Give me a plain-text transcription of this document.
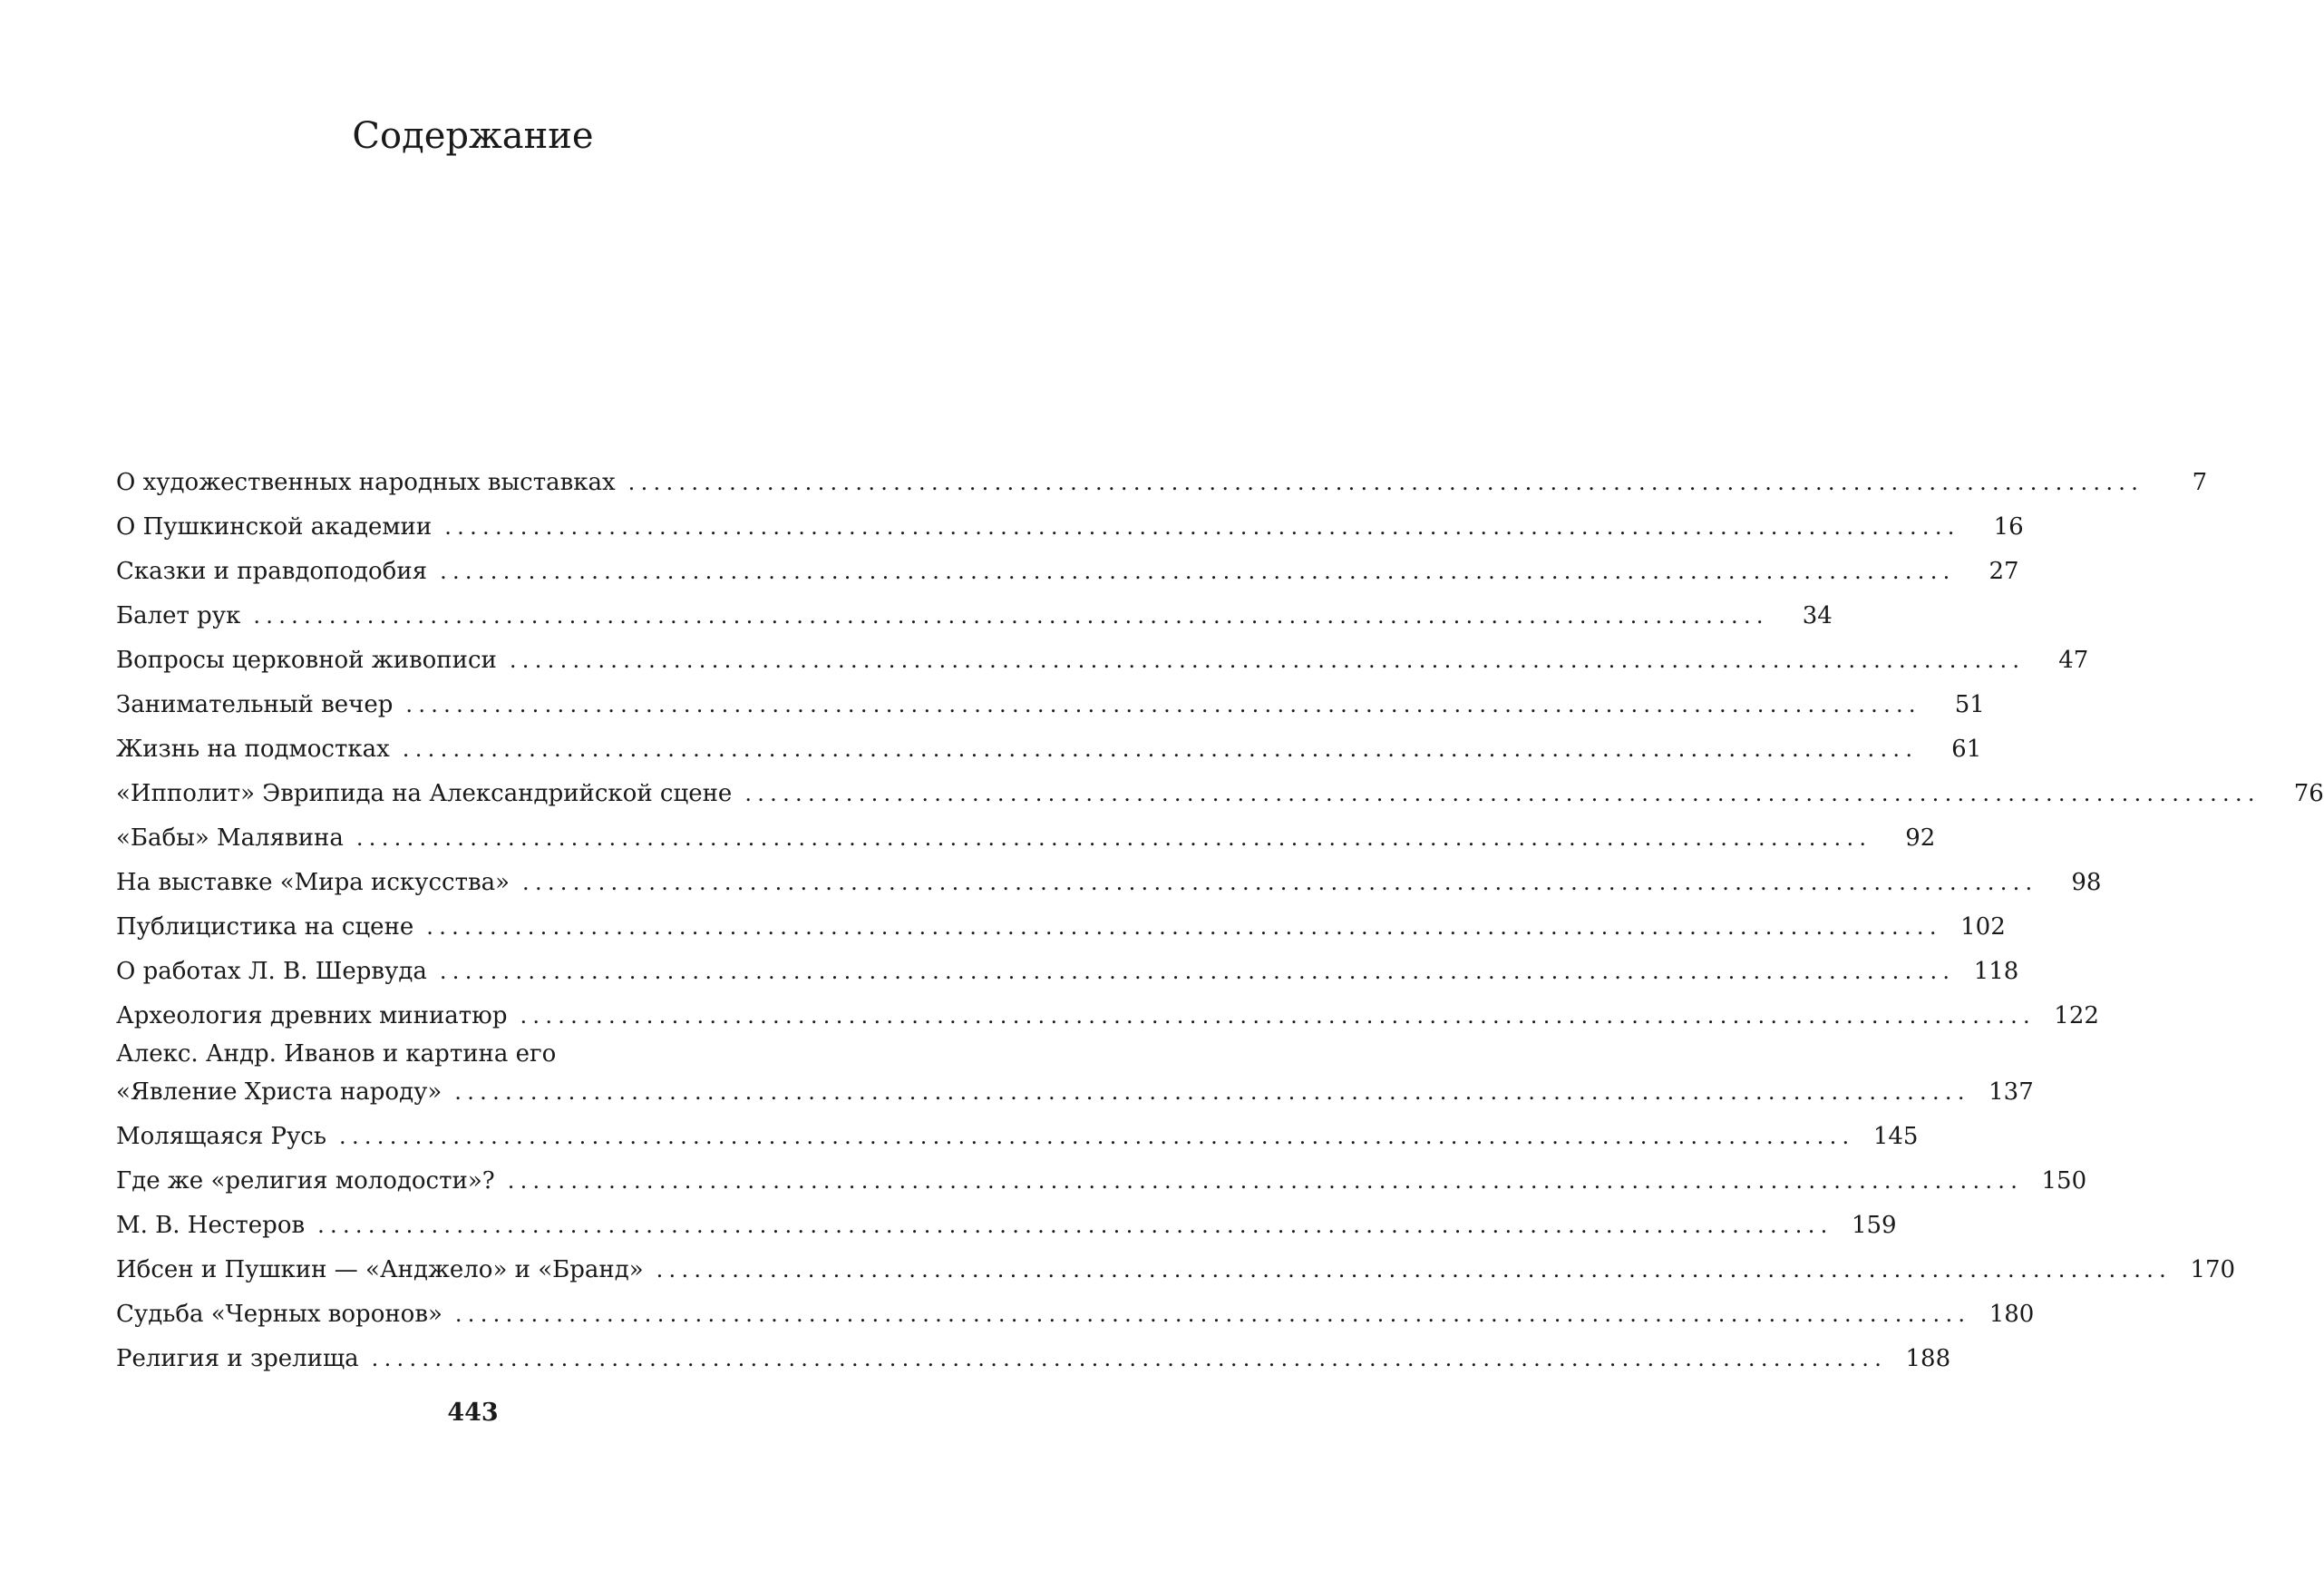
Содержание
О художественных народных выставках ........................................................................................................................	7
О Пушкинской академии ........................................................................................................................	16
Сказки и правдоподобия ........................................................................................................................	27
Балет рук ........................................................................................................................	34
Вопросы церковной живописи ........................................................................................................................	47
Занимательный вечер ........................................................................................................................	51
Жизнь на подмостках ........................................................................................................................	61
«Ипполит» Эврипида на Александрийской сцене ........................................................................................................................	76
«Бабы» Малявина ........................................................................................................................	92
На выставке «Мира искусства» ........................................................................................................................	98
Публицистика на сцене ........................................................................................................................ 102
О работах Л. В. Шервуда ........................................................................................................................ 118
Археология древних миниатюр ........................................................................................................................ 122
Алекс. Андр. Иванов и картина его
«Явление Христа народу» ........................................................................................................................ 137
Молящаяся Русь ........................................................................................................................ 145
Где же «религия молодости»? ........................................................................................................................ 150
М. В. Нестеров ........................................................................................................................ 159
Ибсен и Пушкин — «Анджело» и «Бранд» ........................................................................................................................ 170
Судьба «Черных воронов» ........................................................................................................................ 180
Религия и зрелища ........................................................................................................................ 188
443
